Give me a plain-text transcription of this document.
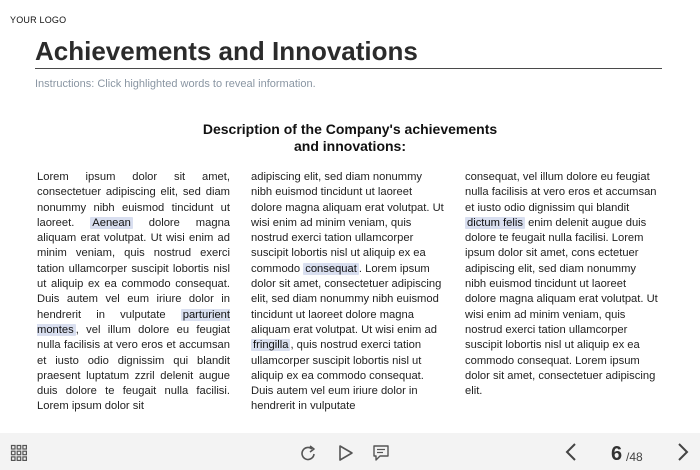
YOUR LOGO
Achievements and Innovations
Instructions: Click highlighted words to reveal information.
Description of the Company's achievements
and innovations:
Lorem ipsum dolor sit amet, consectetuer adipiscing elit, sed diam nonummy nibh euismod tincidunt ut laoreet. Aenean dolore magna aliquam erat volutpat. Ut wisi enim ad minim veniam, quis nostrud exerci tation ullamcorper suscipit lobortis nisl ut aliquip ex ea commodo consequat. Duis autem vel eum iriure dolor in hendrerit in vulputate parturient montes , vel illum dolore eu feugiat nulla facilisis at vero eros et accumsan et iusto odio dignissim qui blandit praesent luptatum zzril delenit augue duis dolore te feugait nulla facilisi. Lorem ipsum dolor sit
adipiscing elit, sed diam nonummy nibh euismod tincidunt ut laoreet dolore magna aliquam erat volutpat. Ut wisi enim ad minim veniam, quis nostrud exerci tation ullamcorper suscipit lobortis nisl ut aliquip ex ea commodo consequat . Lorem ipsum dolor sit amet, consectetuer adipiscing elit, sed diam nonummy nibh euismod tincidunt ut laoreet dolore magna aliquam erat volutpat. Ut wisi enim ad fringilla , quis nostrud exerci tation ullamcorper suscipit lobortis nisl ut aliquip ex ea commodo consequat. Duis autem vel eum iriure dolor in hendrerit in vulputate
consequat, vel illum dolore eu feugiat nulla facilisis at vero eros et accumsan et iusto odio dignissim qui blandit dictum felis enim delenit augue duis dolore te feugait nulla facilisi. Lorem ipsum dolor sit amet, cons ectetuer adipiscing elit, sed diam nonummy nibh euismod tincidunt ut laoreet dolore magna aliquam erat volutpat. Ut wisi enim ad minim veniam, quis nostrud exerci tation ullamcorper suscipit lobortis nisl ut aliquip ex ea commodo consequat. Lorem ipsum dolor sit amet, consectetuer adipiscing elit.
6 /48
